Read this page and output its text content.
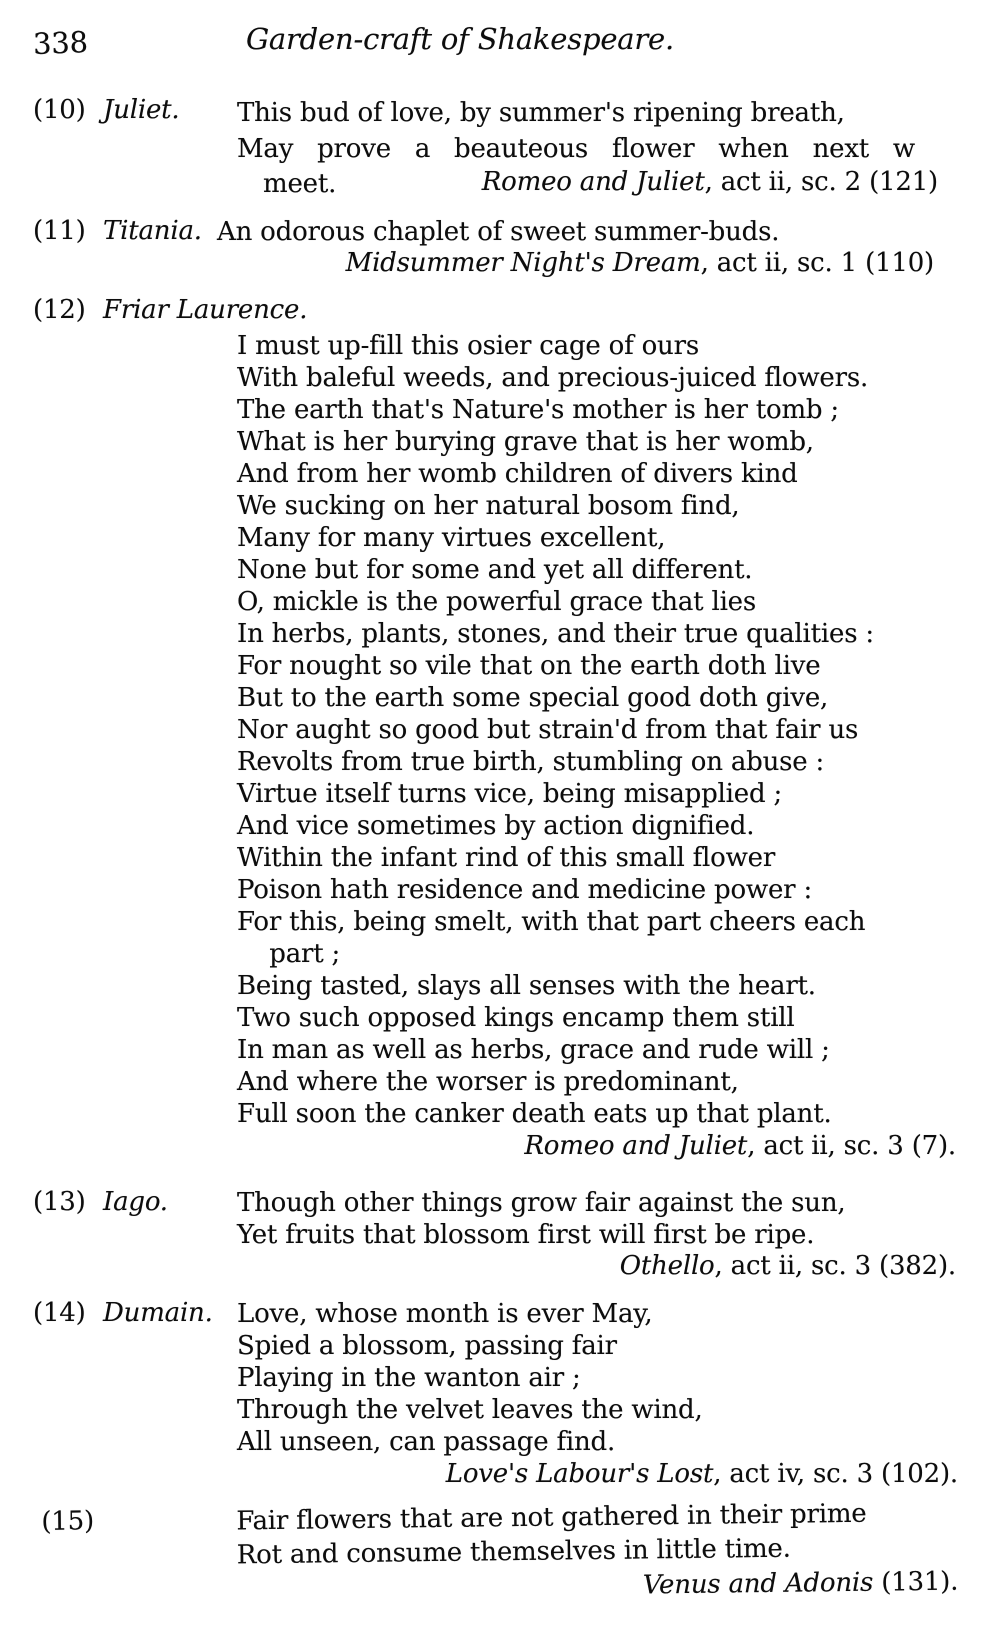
338	Garden-craft of Shakespeare.
(10) Juliet. This bud of love, by summer's ripening breath,
May prove a beauteous flower when next w
meet.	Romeo and Juliet, act ii, sc. 2 (121)
(11) Titania. An odorous chaplet of sweet summer-buds.
Midsummer Night's Dream, act ii, sc. 1 (110)
(12) Friar Laurence.
I must up-fill this osier cage of ours
With baleful weeds, and precious-juiced flowers.
The earth that's Nature's mother is her tomb ;
What is her burying grave that is her womb,
And from her womb children of divers kind
We sucking on her natural bosom find,
Many for many virtues excellent,
None but for some and yet all different.
O, mickle is the powerful grace that lies
In herbs, plants, stones, and their true qualities :
For nought so vile that on the earth doth live
But to the earth some special good doth give,
Nor aught so good but strain'd from that fair us
Revolts from true birth, stumbling on abuse :
Virtue itself turns vice, being misapplied ;
And vice sometimes by action dignified.
Within the infant rind of this small flower
Poison hath residence and medicine power :
For this, being smelt, with that part cheers each
part ;
Being tasted, slays all senses with the heart.
Two such opposed kings encamp them still
In man as well as herbs, grace and rude will ;
And where the worser is predominant,
Full soon the canker death eats up that plant.
Romeo and Juliet, act ii, sc. 3 (7).
(13) Iago.	Though other things grow fair against the sun,
Yet fruits that blossom first will first be ripe.
Othello, act ii, sc. 3 (382).
(14) Dumain. Love, whose month is ever May,
Spied a blossom, passing fair
Playing in the wanton air ;
Through the velvet leaves the wind,
All unseen, can passage find.
Love's Labour's Lost, act iv, sc. 3 (102).
(15)	Fair flowers that are not gathered in their prime
Rot and consume themselves in little time.
Venus and Adonis (131).
